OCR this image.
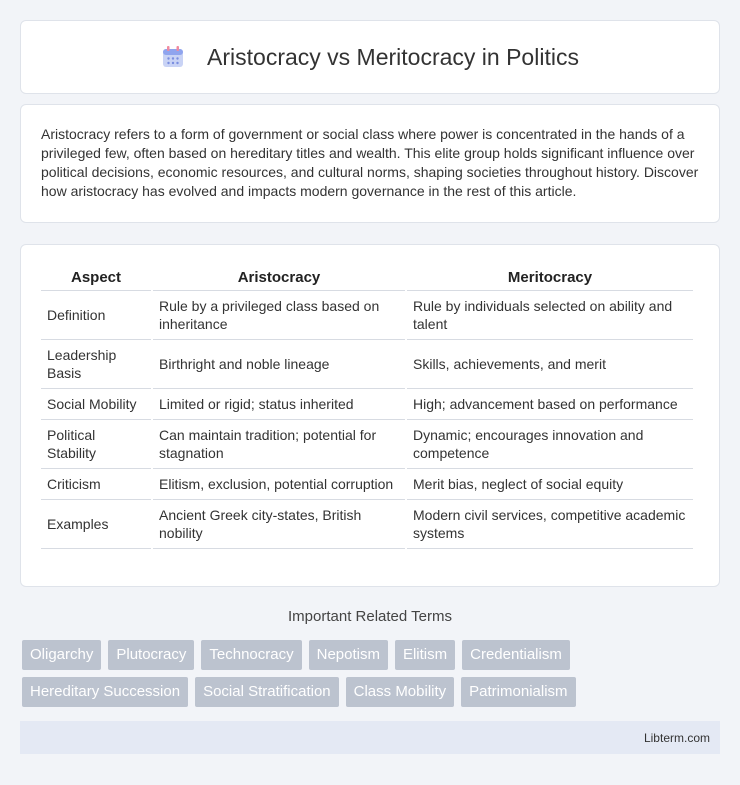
Aristocracy vs Meritocracy in Politics

Aristocracy refers to a form of government or social class where power is concentrated in the hands of a privileged few, often based on hereditary titles and wealth. This elite group holds significant influence over political decisions, economic resources, and cultural norms, shaping societies throughout history. Discover how aristocracy has evolved and impacts modern governance in the rest of this article.

Aspect	Aristocracy	Meritocracy
Definition	Rule by a privileged class based on inheritance	Rule by individuals selected on ability and talent
Leadership Basis	Birthright and noble lineage	Skills, achievements, and merit
Social Mobility	Limited or rigid; status inherited	High; advancement based on performance
Political Stability	Can maintain tradition; potential for stagnation	Dynamic; encourages innovation and competence
Criticism	Elitism, exclusion, potential corruption	Merit bias, neglect of social equity
Examples	Ancient Greek city-states, British nobility	Modern civil services, competitive academic systems
Important Related Terms
Oligarchy	Plutocracy	Technocracy	Nepotism	Elitism	Credentialism
Hereditary Succession	Social Stratification	Class Mobility	Patrimonialism
Libterm.com
